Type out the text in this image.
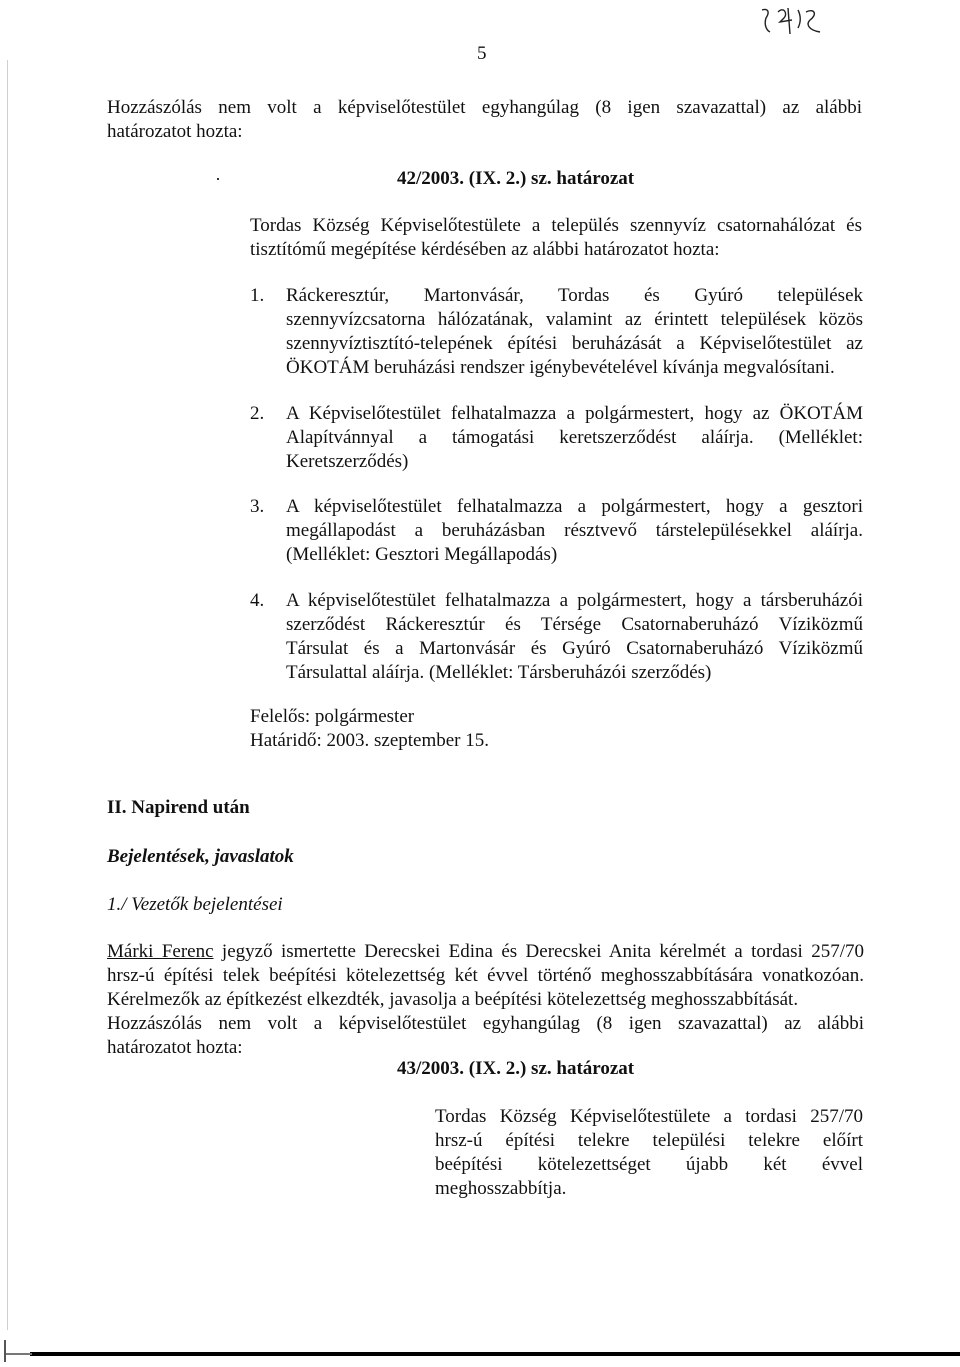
5
Hozzászólás nem volt a képviselőtestület egyhangúlag (8 igen szavazattal) az alábbi
határozatot hozta:
42/2003. (IX. 2.) sz. határozat
Tordas Község Képviselőtestülete a település szennyvíz csatornahálózat és
tisztítómű megépítése kérdésében az alábbi határozatot hozta:
1. Ráckeresztúr, Martonvásár, Tordas és Gyúró települések
szennyvízcsatorna hálózatának, valamint az érintett települések közös
szennyvíztisztító-telepének építési beruházását a Képviselőtestület az
ÖKOTÁM beruházási rendszer igénybevételével kívánja megvalósítani.
2. A Képviselőtestület felhatalmazza a polgármestert, hogy az ÖKOTÁM
Alapítvánnyal a támogatási keretszerződést aláírja. (Melléklet:
Keretszerződés)
3. A képviselőtestület felhatalmazza a polgármestert, hogy a gesztori
megállapodást a beruházásban résztvevő társtelepülésekkel aláírja.
(Melléklet: Gesztori Megállapodás)
4. A képviselőtestület felhatalmazza a polgármestert, hogy a társberuházói
szerződést Ráckeresztúr és Térsége Csatornaberuházó Víziközmű
Társulat és a Martonvásár és Gyúró Csatornaberuházó Víziközmű
Társulattal aláírja. (Melléklet: Társberuházói szerződés)
Felelős: polgármester
Határidő: 2003. szeptember 15.
II. Napirend után
Bejelentések, javaslatok
1./ Vezetők bejelentései
Márki Ferenc jegyző ismertette Derecskei Edina és Derecskei Anita kérelmét a tordasi 257/70
hrsz-ú építési telek beépítési kötelezettség két évvel történő meghosszabbítására vonatkozóan.
Kérelmezők az építkezést elkezdték, javasolja a beépítési kötelezettség meghosszabbítását.
Hozzászólás nem volt a képviselőtestület egyhangúlag (8 igen szavazattal) az alábbi
határozatot hozta:
43/2003. (IX. 2.) sz. határozat
Tordas Község Képviselőtestülete a tordasi 257/70
hrsz-ú építési telekre települési telekre előírt
beépítési kötelezettséget újabb két évvel
meghosszabbítja.
